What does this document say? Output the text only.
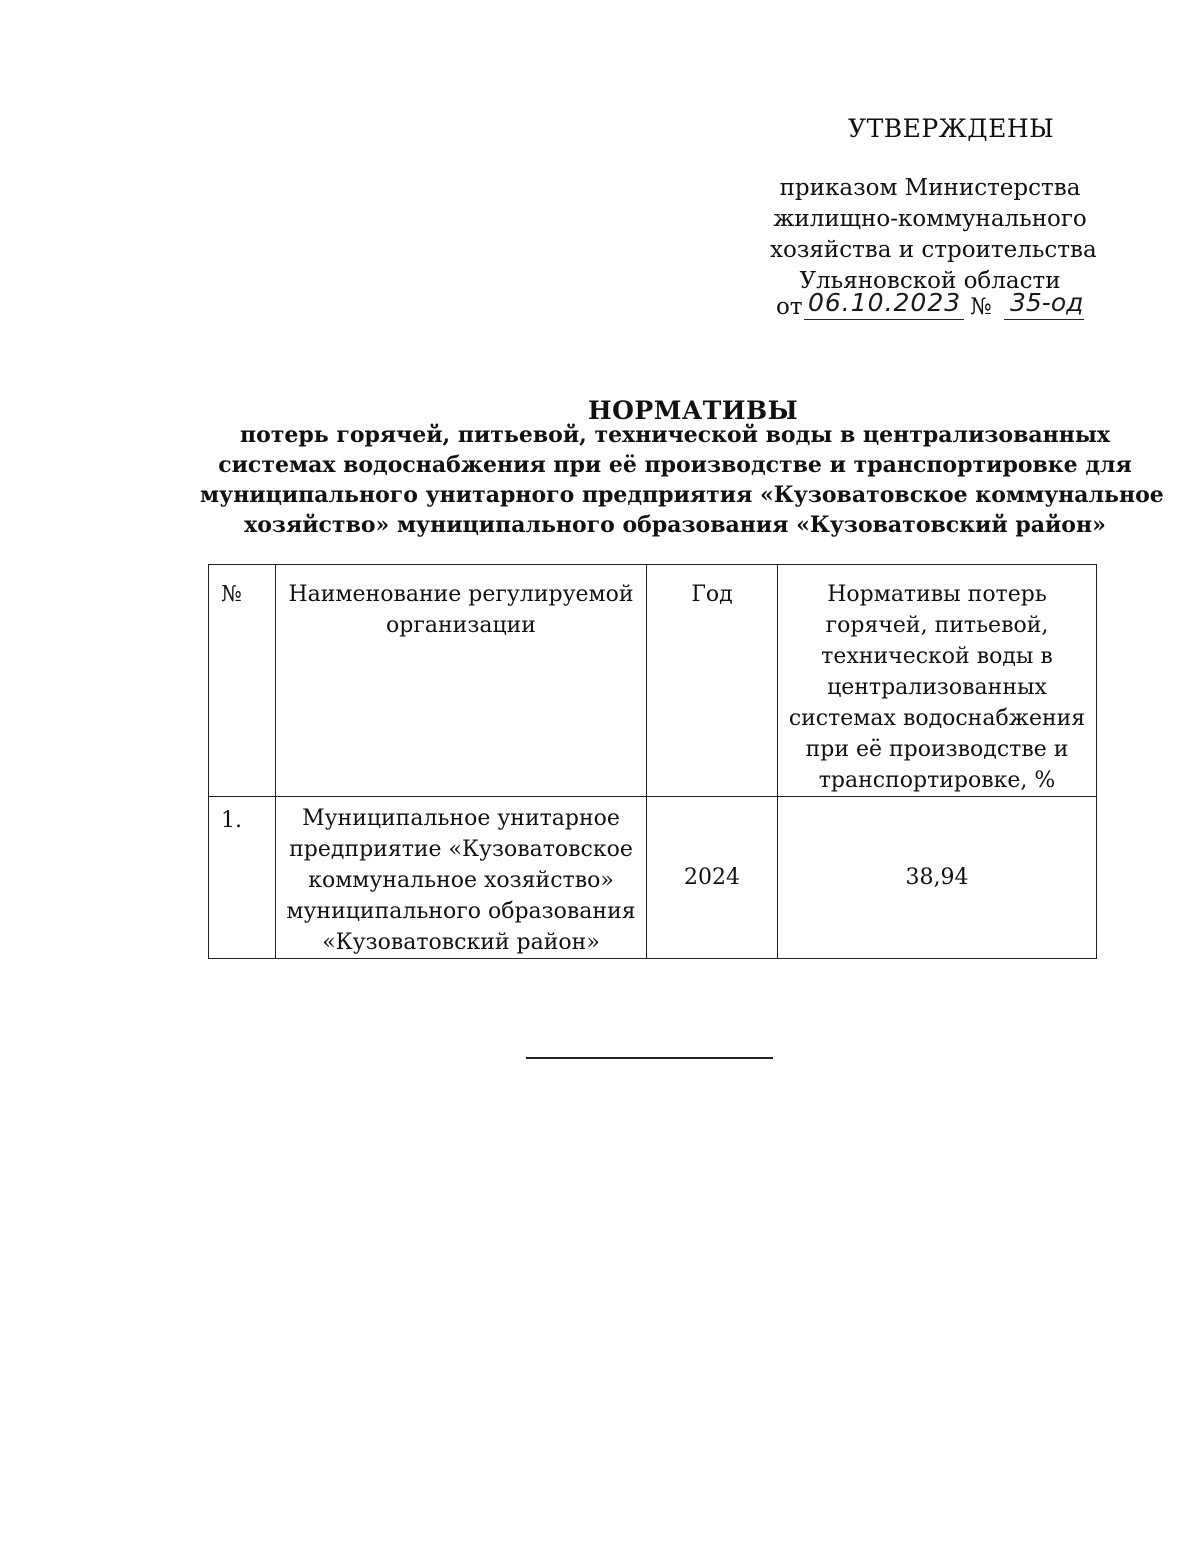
УТВЕРЖДЕНЫ
приказом Министерства
жилищно-коммунального
хозяйства и строительства
Ульяновской области
от 06.10.2023 № 35-од
НОРМАТИВЫ
потерь горячей, питьевой, технической воды в централизованных
системах водоснабжения при её производстве и транспортировке для
муниципального унитарного предприятия «Кузоватовское коммунальное
хозяйство» муниципального образования «Кузоватовский район»
№	Наименование регулируемой организации	Год	Нормативы потерь горячей, питьевой, технической воды в централизованных системах водоснабжения при её производстве и транспортировке, %
1.	Муниципальное унитарное предприятие «Кузоватовское коммунальное хозяйство» муниципального образования «Кузоватовский район»	2024	38,94
